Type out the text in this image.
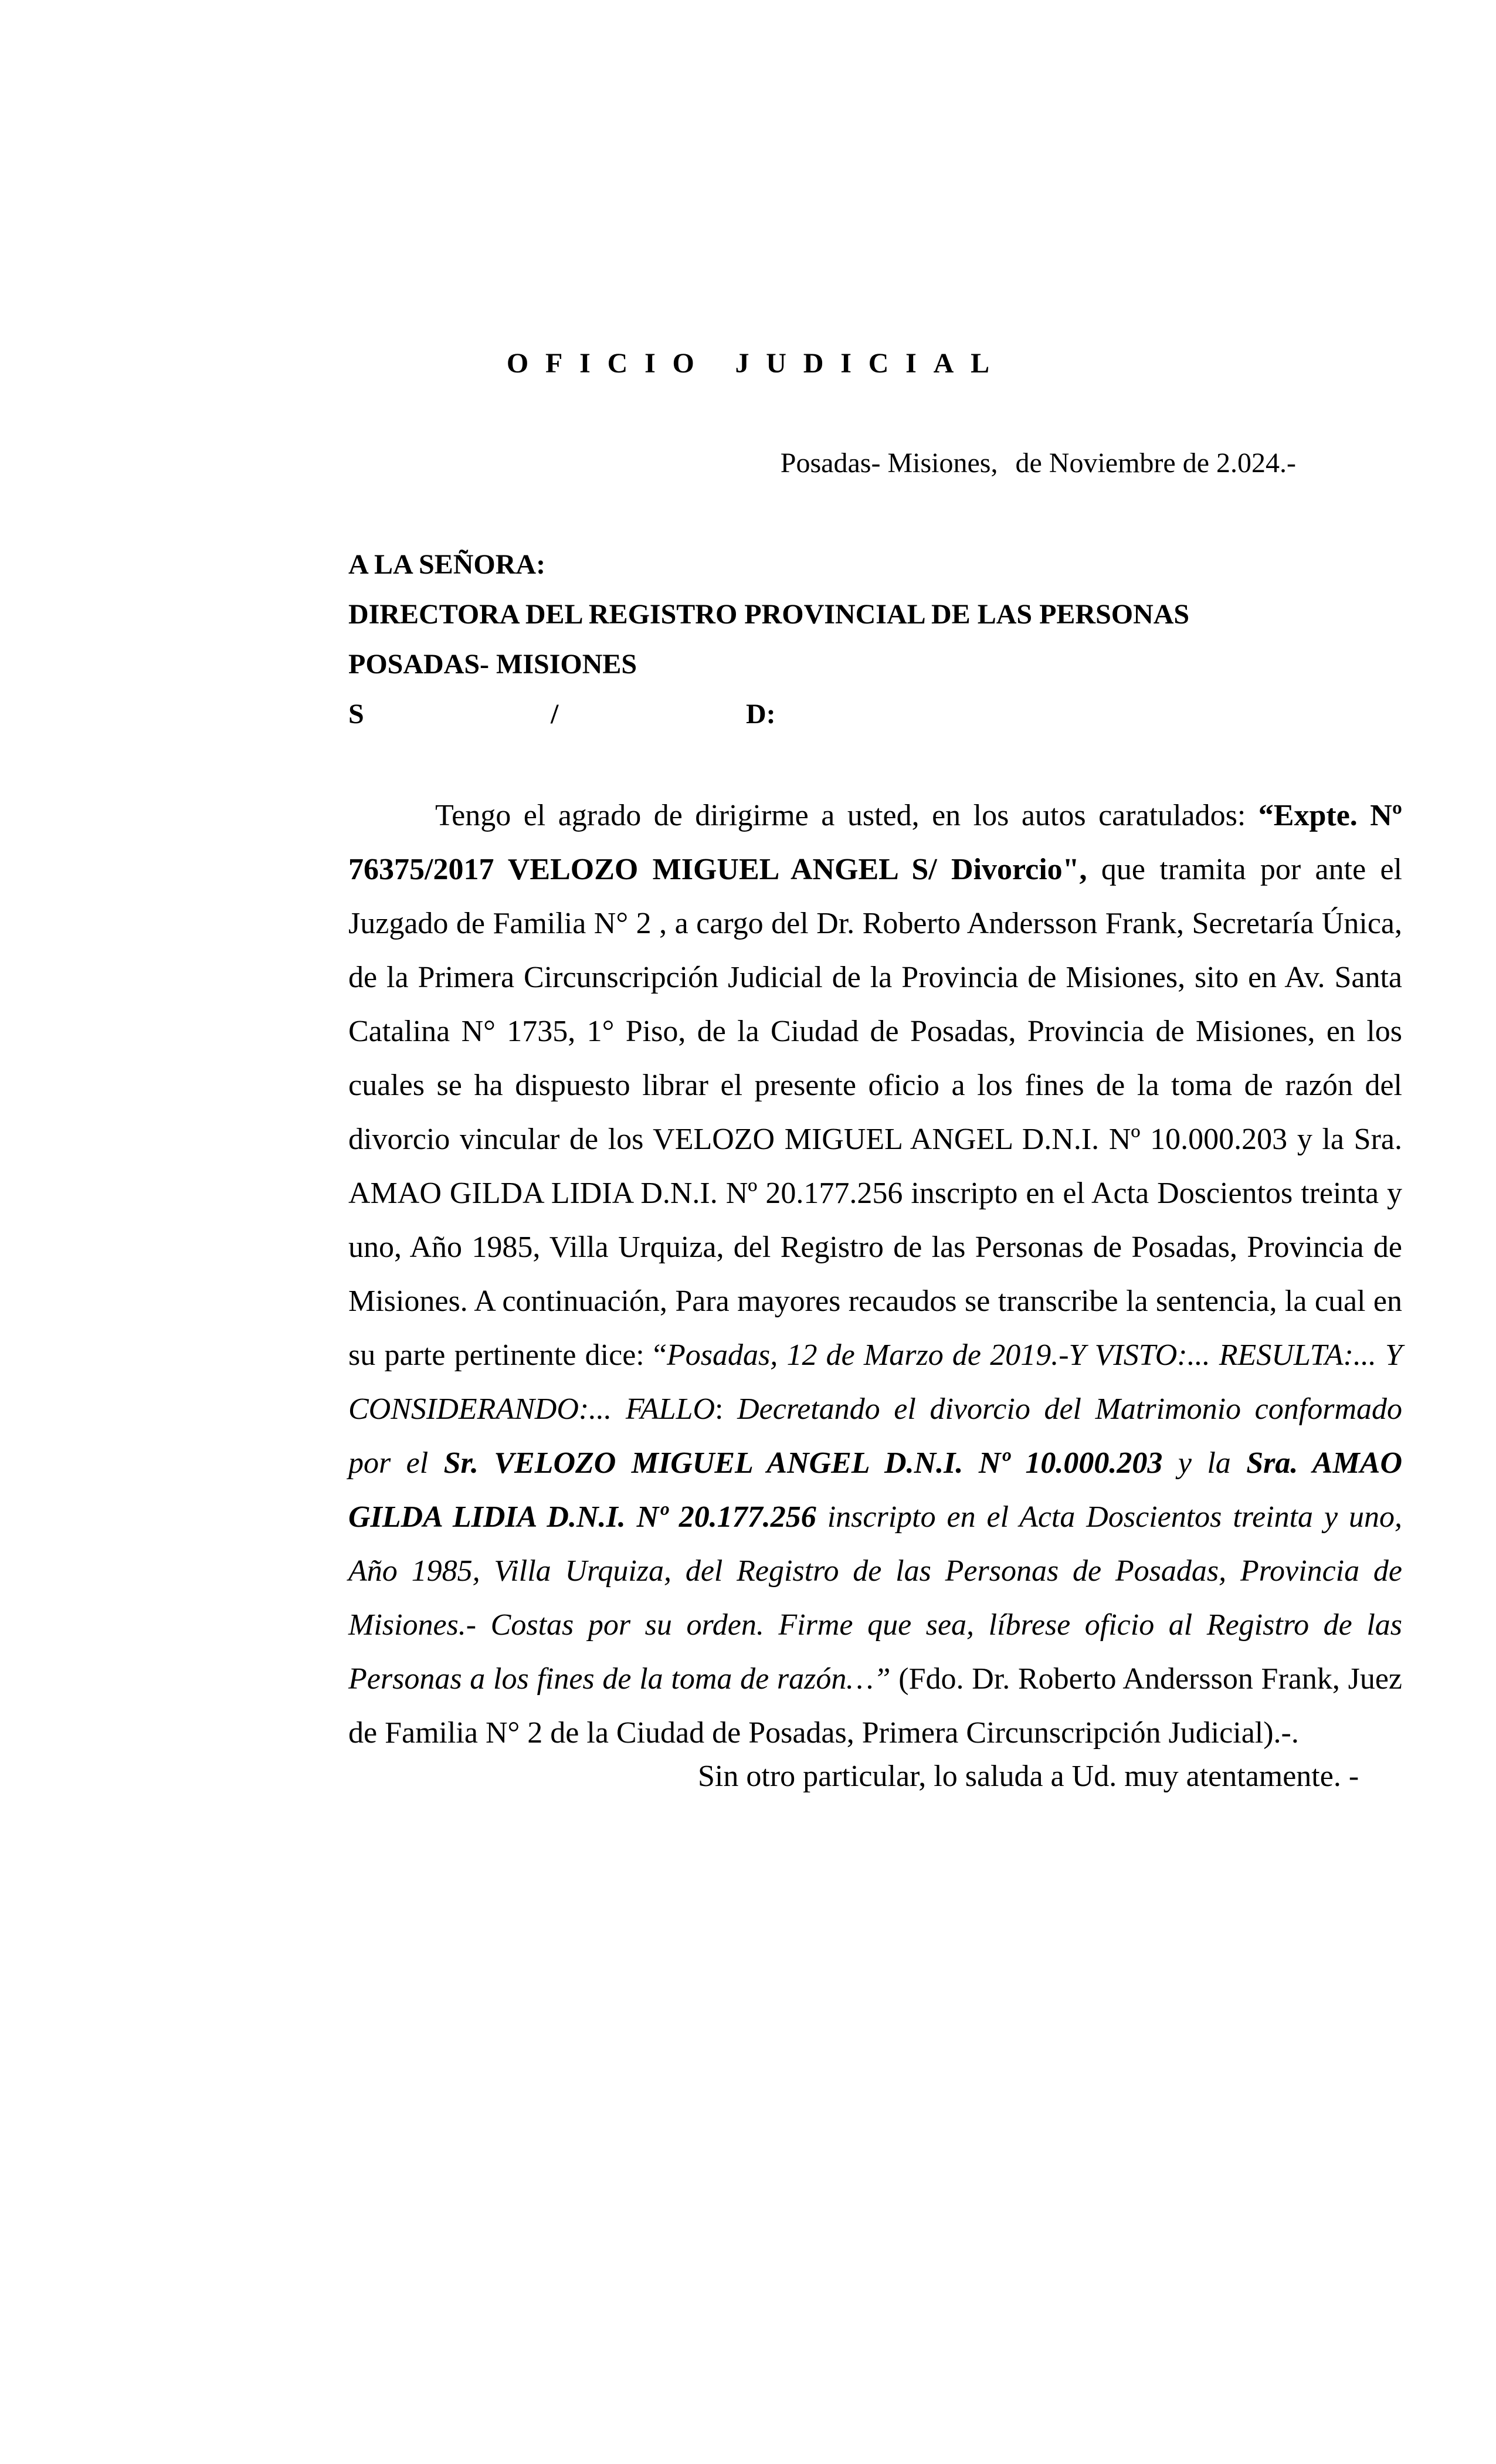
OFICIO JUDICIAL

Posadas- Misiones, de Noviembre de 2.024.-

A LA SEÑORA:

DIRECTORA DEL REGISTRO PROVINCIAL DE LAS PERSONAS

POSADAS- MISIONES

S	/	D:

Tengo el agrado de dirigirme a usted, en los autos caratulados: “Expte. Nº 76375/2017 VELOZO MIGUEL ANGEL S/ Divorcio", que tramita por ante el Juzgado de Familia N° 2 , a cargo del Dr. Roberto Andersson Frank, Secretaría Única, de la Primera Circunscripción Judicial de la Provincia de Misiones, sito en Av. Santa Catalina N° 1735, 1° Piso, de la Ciudad de Posadas, Provincia de Misiones, en los cuales se ha dispuesto librar el presente oficio a los fines de la toma de razón del divorcio vincular de los VELOZO MIGUEL ANGEL D.N.I. Nº 10.000.203 y la Sra. AMAO GILDA LIDIA D.N.I. Nº 20.177.256 inscripto en el Acta Doscientos treinta y uno, Año 1985, Villa Urquiza, del Registro de las Personas de Posadas, Provincia de Misiones. A continuación, Para mayores recaudos se transcribe la sentencia, la cual en su parte pertinente dice: “Posadas, 12 de Marzo de 2019.-Y VISTO:... RESULTA:... Y CONSIDERANDO:... FALLO: Decretando el divorcio del Matrimonio conformado por el Sr. VELOZO MIGUEL ANGEL D.N.I. Nº 10.000.203 y la Sra. AMAO GILDA LIDIA D.N.I. Nº 20.177.256 inscripto en el Acta Doscientos treinta y uno, Año 1985, Villa Urquiza, del Registro de las Personas de Posadas, Provincia de Misiones.- Costas por su orden. Firme que sea, líbrese oficio al Registro de las Personas a los fines de la toma de razón…” (Fdo. Dr. Roberto Andersson Frank, Juez de Familia N° 2 de la Ciudad de Posadas, Primera Circunscripción Judicial).-.

Sin otro particular, lo saluda a Ud. muy atentamente. -
